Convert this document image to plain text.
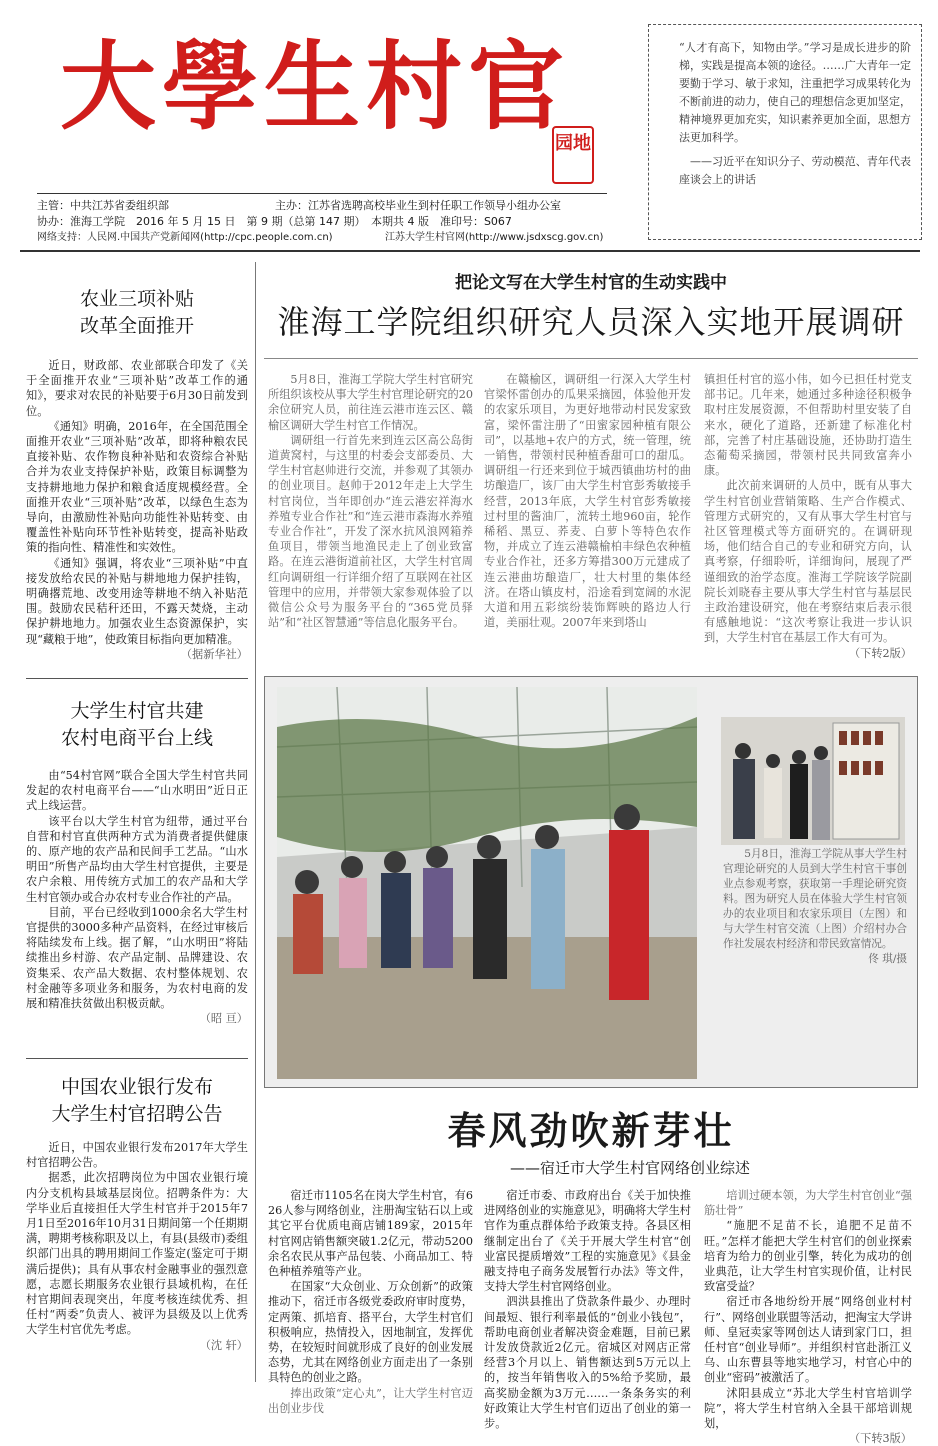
大學生村官
园地
主管：中共江苏省委组织部	主办：江苏省选聘高校毕业生到村任职工作领导小组办公室
协办：淮海工学院　2016 年 5 月 15 日　第 9 期（总第 147 期）　本期共 4 版　准印号：S067
网络支持：人民网.中国共产党新闻网(http://cpc.people.com.cn)	江苏大学生村官网(http://www.jsdxscg.gov.cn)
“人才有高下，知物由学。”学习是成长进步的阶梯，实践是提高本领的途径。……广大青年一定要勤于学习、敏于求知，注重把学习成果转化为不断前进的动力，使自己的理想信念更加坚定，精神境界更加充实，知识素养更加全面，思想方法更加科学。
——习近平在知识分子、劳动模范、青年代表座谈会上的讲话
农业三项补贴
改革全面推开

近日，财政部、农业部联合印发了《关于全面推开农业“三项补贴”改革工作的通知》，要求对农民的补贴要于6月30日前发到位。

《通知》明确，2016年，在全国范围全面推开农业“三项补贴”改革，即将种粮农民直接补贴、农作物良种补贴和农资综合补贴合并为农业支持保护补贴，政策目标调整为支持耕地地力保护和粮食适度规模经营。全面推开农业“三项补贴”改革，以绿色生态为导向，由激励性补贴向功能性补贴转变、由覆盖性补贴向环节性补贴转变，提高补贴政策的指向性、精准性和实效性。

《通知》强调，将农业“三项补贴”中直接发放给农民的补贴与耕地地力保护挂钩，明确撂荒地、改变用途等耕地不纳入补贴范围。鼓励农民秸秆还田，不露天焚烧，主动保护耕地地力。加强农业生态资源保护，实现“藏粮于地”，使政策目标指向更加精准。

（据新华社）
大学生村官共建
农村电商平台上线

由“54村官网”联合全国大学生村官共同发起的农村电商平台——“山水明田”近日正式上线运营。

该平台以大学生村官为纽带，通过平台自营和村官直供两种方式为消费者提供健康的、原产地的农产品和民间手工艺品。“山水明田”所售产品均由大学生村官提供，主要是农户余粮、用传统方式加工的农产品和大学生村官领办或合办农村专业合作社的产品。

目前，平台已经收到1000余名大学生村官提供的3000多种产品资料，在经过审核后将陆续发布上线。据了解，“山水明田”将陆续推出乡村游、农产品定制、品牌建设、农资集采、农产品大数据、农村整体规划、农村金融等多项业务和服务，为农村电商的发展和精准扶贫做出积极贡献。

（昭 亘）
中国农业银行发布
大学生村官招聘公告

近日，中国农业银行发布2017年大学生村官招聘公告。

据悉，此次招聘岗位为中国农业银行境内分支机构县域基层岗位。招聘条件为：大学毕业后直接担任大学生村官并于2015年7月1日至2016年10月31日期间第一个任期期满，聘期考核称职及以上，有县(县级市)委组织部门出具的聘用期间工作鉴定(鉴定可于期满后提供)；具有从事农村金融事业的强烈意愿，志愿长期服务农业银行县域机构，在任村官期间表现突出，年度考核连续优秀、担任村“两委”负责人、被评为县级及以上优秀大学生村官优先考虑。

（沈 轩）
把论文写在大学生村官的生动实践中
淮海工学院组织研究人员深入实地开展调研

5月8日，淮海工学院大学生村官研究所组织该校从事大学生村官理论研究的20余位研究人员，前往连云港市连云区、赣榆区调研大学生村官工作情况。

调研组一行首先来到连云区高公岛街道黄窝村，与这里的村委会支部委员、大学生村官赵帅进行交流，并参观了其领办的创业项目。赵帅于2012年走上大学生村官岗位，当年即创办“连云港宏祥海水养殖专业合作社”和“连云港市森海水养殖专业合作社”，开发了深水抗风浪网箱养鱼项目，带领当地渔民走上了创业致富路。在连云港街道前社区，大学生村官周红向调研组一行详细介绍了互联网在社区管理中的应用，并带领大家参观体验了以微信公众号为服务平台的“365党员驿站”和“社区智慧通”等信息化服务平台。

在赣榆区，调研组一行深入大学生村官梁怀雷创办的瓜果采摘园，体验他开发的农家乐项目，为更好地带动村民发家致富，梁怀雷注册了“田蜜家园种植有限公司”，以基地+农户的方式，统一管理，统一销售，带领村民种植香甜可口的甜瓜。调研组一行还来到位于城西镇曲坊村的曲坊酿造厂，该厂由大学生村官彭秀敏接手经营，2013年底，大学生村官彭秀敏接过村里的酱油厂，流转土地960亩，轮作稀稻、黑豆、荞麦、白萝卜等特色农作物，并成立了连云港赣榆柏丰绿色农种植专业合作社，还多方筹措300万元建成了连云港曲坊酿造厂，壮大村里的集体经济。在塔山镇皮村，沿途看到宽阔的水泥大道和用五彩缤纷装饰辉映的路边人行道，美丽壮观。2007年来到塔山

镇担任村官的巡小伟，如今已担任村党支部书记。几年来，她通过多种途径积极争取村庄发展资源，不但帮助村里安装了自来水，硬化了道路，还新建了标准化村部，完善了村庄基础设施，还协助打造生态葡萄采摘园，带领村民共同致富奔小康。

此次前来调研的人员中，既有从事大学生村官创业营销策略、生产合作模式、管理方式研究的，又有从事大学生村官与社区管理模式等方面研究的。在调研现场，他们结合自己的专业和研究方向，认真考察，仔细聆听，详细询问，展现了严谨细致的治学态度。淮海工学院该学院副院长刘晓春主要从事大学生村官与基层民主政治建设研究，他在考察结束后表示很有感触地说：“这次考察让我进一步认识到，大学生村官在基层工作大有可为。

（下转2版）
5月8日，淮海工学院从事大学生村官理论研究的人员到大学生村官干事创业点参观考察，获取第一手理论研究资料。图为研究人员在体验大学生村官领办的农业项目和农家乐项目（左图）和与大学生村官交流（上图）介绍村办合作社发展农村经济和带民致富情况。
佟 琪/摄
春风劲吹新芽壮
——宿迁市大学生村官网络创业综述

宿迁市1105名在岗大学生村官，有626人参与网络创业，注册淘宝钻石以上或其它平台优质电商店铺189家，2015年村官网店销售额突破1.2亿元，带动5200余名农民从事产品包装、小商品加工、特色种植养殖等产业。

在国家“大众创业、万众创新”的政策推动下，宿迁市各级党委政府审时度势，定两策、抓培育、搭平台，大学生村官们积极响应，热情投入，因地制宜，发挥优势，在较短时间就形成了良好的创业发展态势，尤其在网络创业方面走出了一条别具特色的创业之路。

捧出政策“定心丸”，让大学生村官迈出创业步伐

宿迁市委、市政府出台《关于加快推进网络创业的实施意见》，明确将大学生村官作为重点群体给予政策支持。各县区相继制定出台了《关于开展大学生村官“创业富民提质增效”工程的实施意见》《县金融支持电子商务发展暂行办法》等文件，支持大学生村官网络创业。

泗洪县推出了贷款条件最少、办理时间最短、银行利率最低的“创业小钱包”，帮助电商创业者解决资金难题，目前已累计发放贷款近2亿元。宿城区对网店正常经营3个月以上、销售额达到5万元以上的，按当年销售收入的5%给予奖励，最高奖励金额为3万元……一条条务实的利好政策让大学生村官们迈出了创业的第一步。

培训过硬本领，为大学生村官创业“强筋壮骨”

“施肥不足苗不长，追肥不足苗不旺。”怎样才能把大学生村官们的创业探索培育为给力的创业引擎，转化为成功的创业典范，让大学生村官实现价值，让村民致富受益？

宿迁市各地纷纷开展“网络创业村村行”、网络创业联盟等活动，把淘宝大学讲师、皇冠卖家等网创达人请到家门口，担任村官“创业导师”。并组织村官赴浙江义乌、山东曹县等地实地学习，村官心中的创业“密码”被激活了。

沭阳县成立“苏北大学生村官培训学院”，将大学生村官纳入全县干部培训规划，

（下转3版）
